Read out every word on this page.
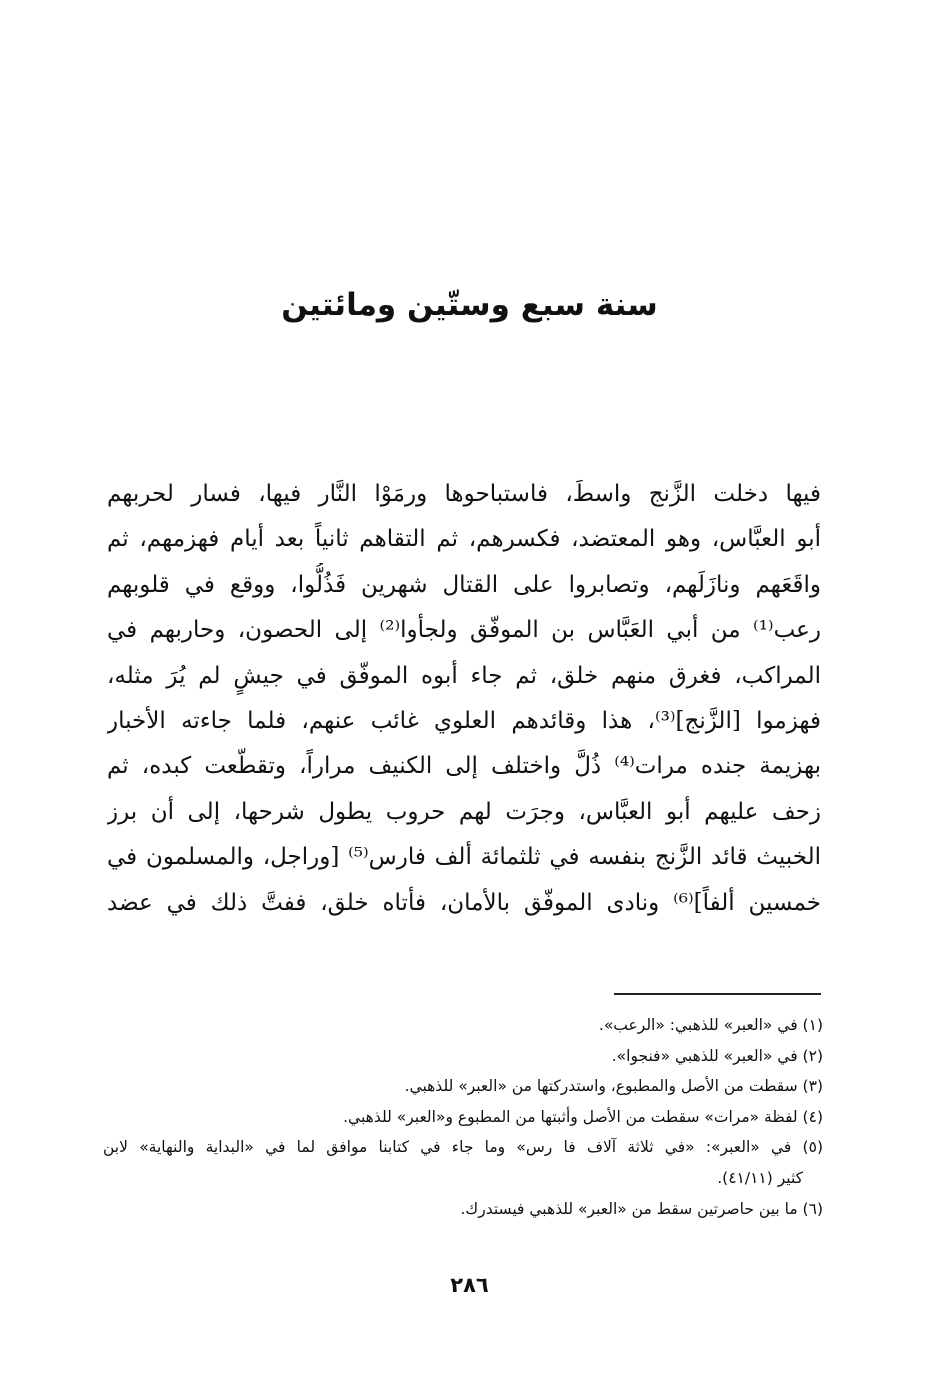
سنة سبع وستّين ومائتين
فيها دخلت الزَّنج واسطَ، فاستباحوها ورمَوْا النَّار فيها، فسار لحربهم
أبو العبَّاس، وهو المعتضد، فكسرهم، ثم التقاهم ثانياً بعد أيام فهزمهم، ثم
واقَعَهم ونازَلَهم، وتصابروا على القتال شهرين فَذُلُّوا، ووقع في قلوبهم
رعب⁽¹⁾ من أبي العَبَّاس بن الموفّق ولجأوا⁽²⁾ إلى الحصون، وحاربهم في
المراكب، فغرق منهم خلق، ثم جاء أبوه الموفّق في جيشٍ لم يُرَ مثله،
فهزموا [الزَّنج]⁽³⁾، هذا وقائدهم العلوي غائب عنهم، فلما جاءته الأخبار
بهزيمة جنده مرات⁽⁴⁾ ذُلَّ واختلف إلى الكنيف مراراً، وتقطّعت كبده، ثم
زحف عليهم أبو العبَّاس، وجرَت لهم حروب يطول شرحها، إلى أن برز
الخبيث قائد الزَّنج بنفسه في ثلثمائة ألف فارس⁽⁵⁾ [وراجل، والمسلمون في
خمسين ألفاً]⁽⁶⁾ ونادى الموفّق بالأمان، فأتاه خلق، ففتَّ ذلك في عضد
(١) في «العبر» للذهبي: «الرعب».
(٢) في «العبر» للذهبي «فنجوا».
(٣) سقطت من الأصل والمطبوع، واستدركتها من «العبر» للذهبي.
(٤) لفظة «مرات» سقطت من الأصل وأثبتها من المطبوع و«العبر» للذهبي.
(٥) في «العبر»: «في ثلاثة آلاف فا رس» وما جاء في كتابنا موافق لما في «البداية والنهاية» لابن
كثير (٤١/١١).
(٦) ما بين حاصرتين سقط من «العبر» للذهبي فيستدرك.
٢٨٦
